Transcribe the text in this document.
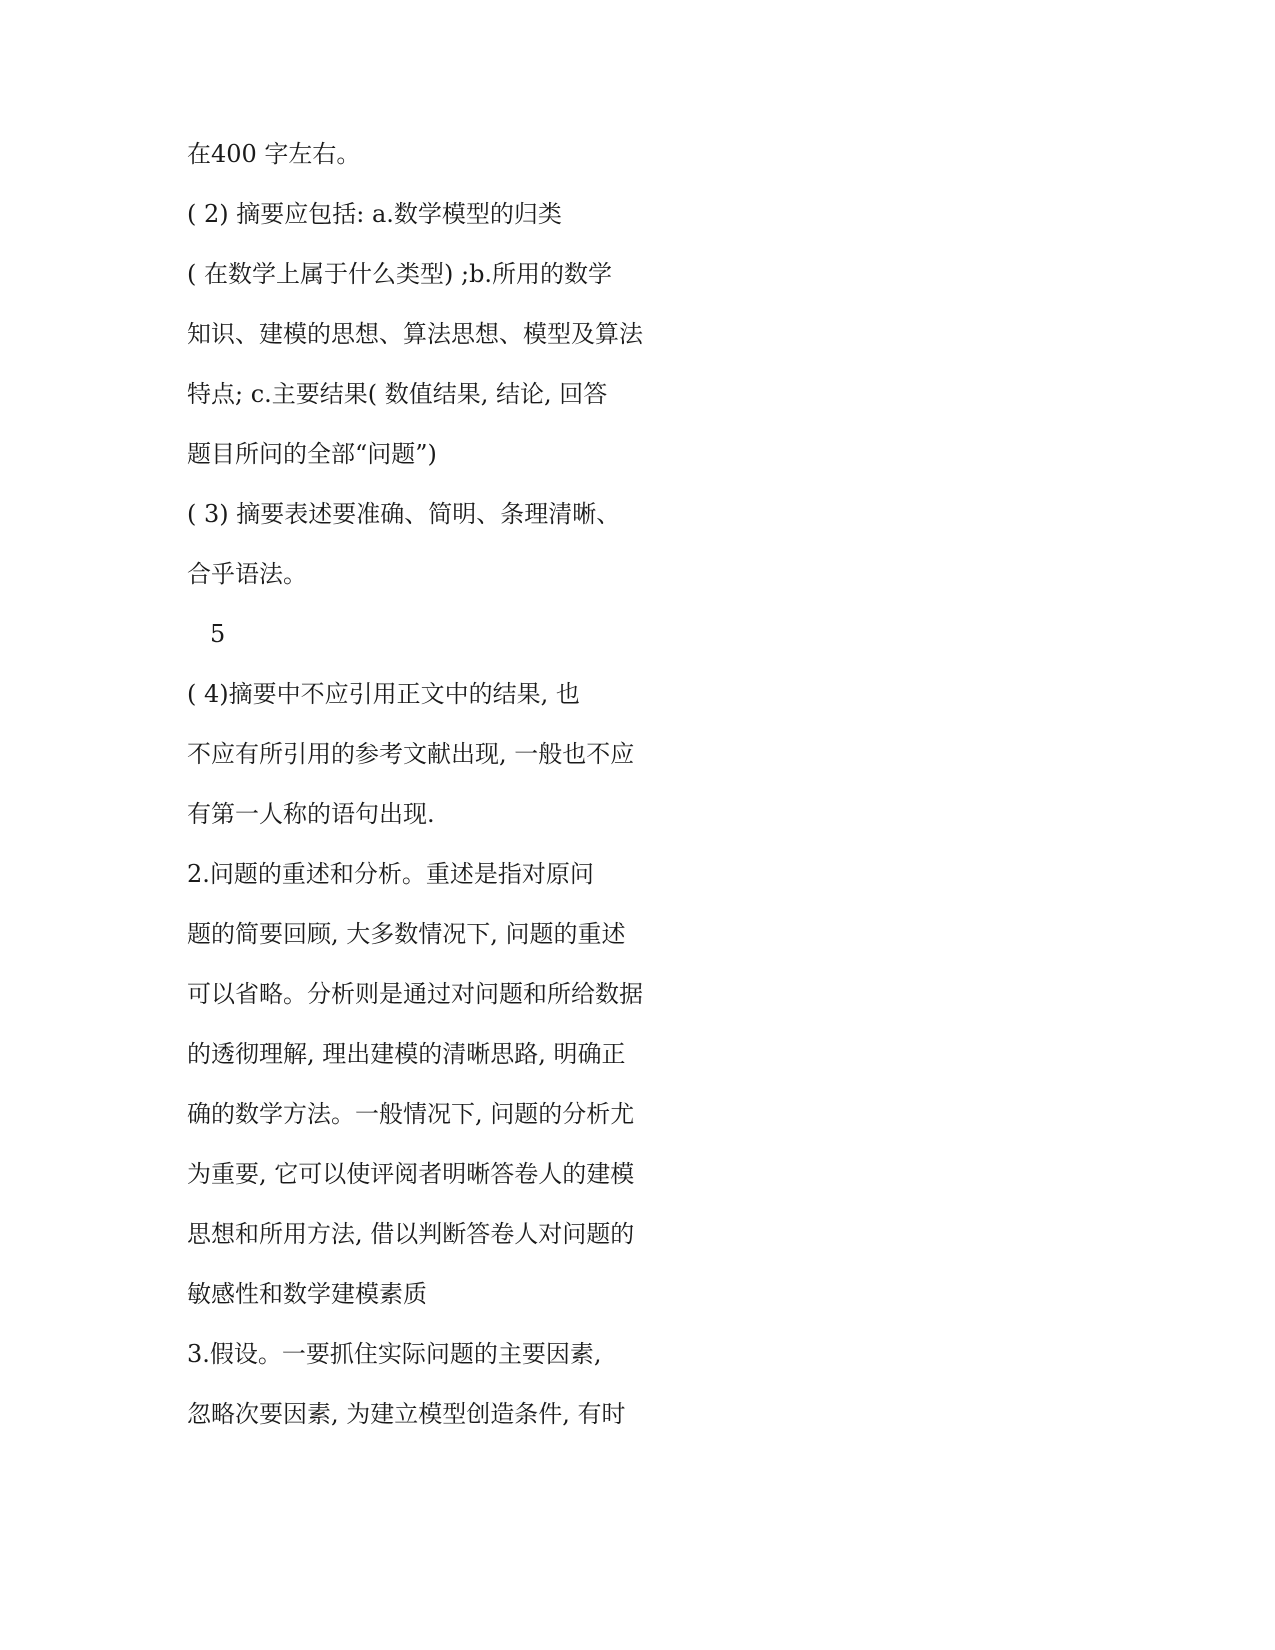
在400 字左右。
( 2) 摘要应包括: a.数学模型的归类
( 在数学上属于什么类型) ;b.所用的数学
知识、建模的思想、算法思想、模型及算法
特点; c.主要结果( 数值结果, 结论, 回答
题目所问的全部“问题”)
( 3) 摘要表述要准确、简明、条理清晰、
合乎语法。
5
( 4)摘要中不应引用正文中的结果, 也
不应有所引用的参考文献出现, 一般也不应
有第一人称的语句出现.
2.问题的重述和分析。重述是指对原问
题的简要回顾, 大多数情况下, 问题的重述
可以省略。分析则是通过对问题和所给数据
的透彻理解, 理出建模的清晰思路, 明确正
确的数学方法。一般情况下, 问题的分析尤
为重要, 它可以使评阅者明晰答卷人的建模
思想和所用方法, 借以判断答卷人对问题的
敏感性和数学建模素质
3.假设。一要抓住实际问题的主要因素,
忽略次要因素, 为建立模型创造条件, 有时
